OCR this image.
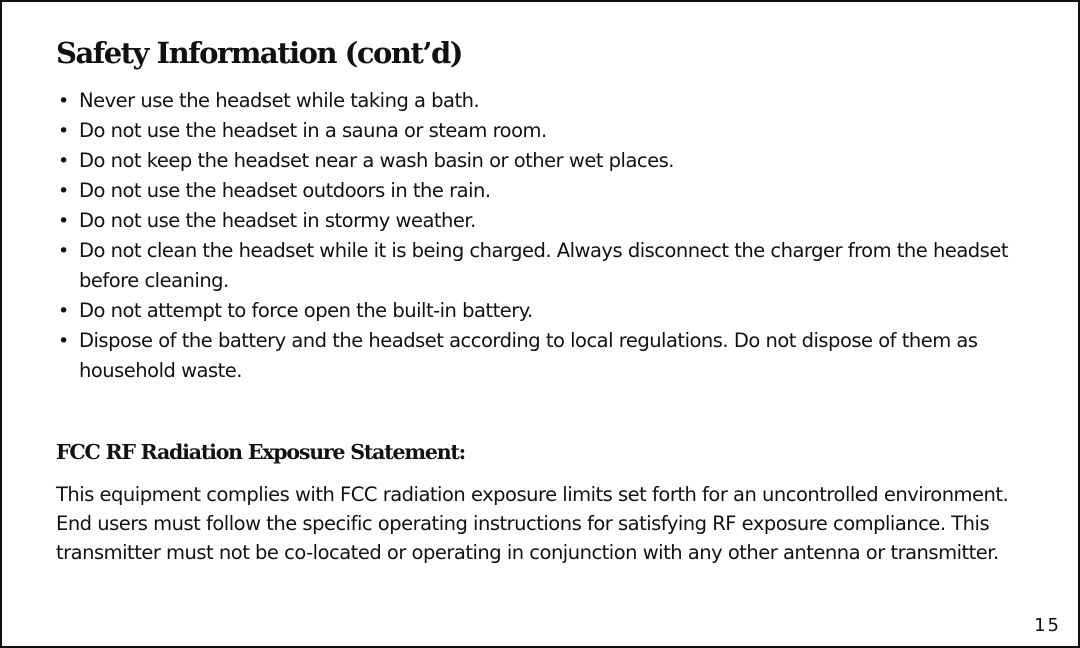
Safety Information (cont’d)
• Never use the headset while taking a bath.
• Do not use the headset in a sauna or steam room.
• Do not keep the headset near a wash basin or other wet places.
• Do not use the headset outdoors in the rain.
• Do not use the headset in stormy weather.
• Do not clean the headset while it is being charged. Always disconnect the charger from the headset before cleaning.
• Do not attempt to force open the built-in battery.
• Dispose of the battery and the headset according to local regulations. Do not dispose of them as household waste.
FCC RF Radiation Exposure Statement:

This equipment complies with FCC radiation exposure limits set forth for an uncontrolled environment. End users must follow the specific operating instructions for satisfying RF exposure compliance. This transmitter must not be co-located or operating in conjunction with any other antenna or transmitter.

15
